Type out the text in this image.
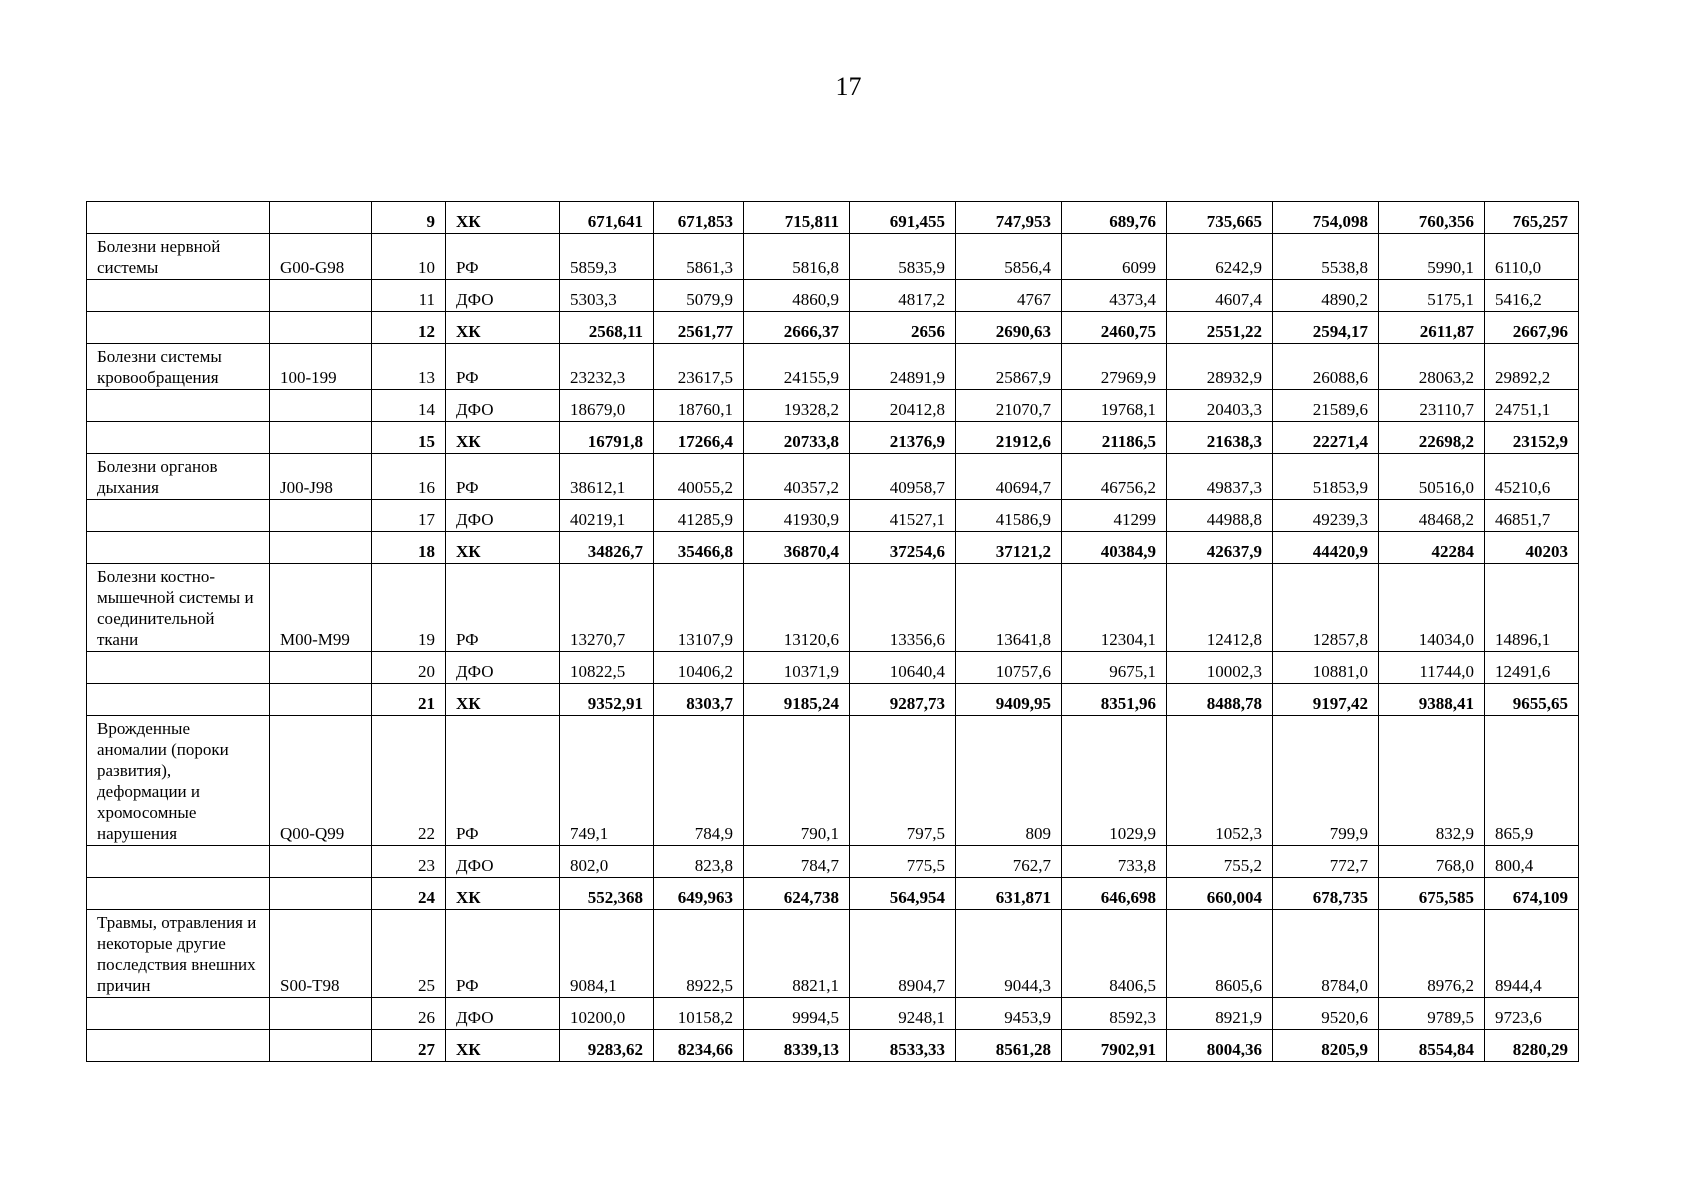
17
		9	ХК	671,641	671,853	715,811	691,455	747,953	689,76	735,665	754,098	760,356	765,257
Болезни нервной системы	G00-G98	10	РФ	5859,3	5861,3	5816,8	5835,9	5856,4	6099	6242,9	5538,8	5990,1	6110,0
		11	ДФО	5303,3	5079,9	4860,9	4817,2	4767	4373,4	4607,4	4890,2	5175,1	5416,2
		12	ХК	2568,11	2561,77	2666,37	2656	2690,63	2460,75	2551,22	2594,17	2611,87	2667,96
Болезни системы кровообращения	100-199	13	РФ	23232,3	23617,5	24155,9	24891,9	25867,9	27969,9	28932,9	26088,6	28063,2	29892,2
		14	ДФО	18679,0	18760,1	19328,2	20412,8	21070,7	19768,1	20403,3	21589,6	23110,7	24751,1
		15	ХК	16791,8	17266,4	20733,8	21376,9	21912,6	21186,5	21638,3	22271,4	22698,2	23152,9
Болезни органов дыхания	J00-J98	16	РФ	38612,1	40055,2	40357,2	40958,7	40694,7	46756,2	49837,3	51853,9	50516,0	45210,6
		17	ДФО	40219,1	41285,9	41930,9	41527,1	41586,9	41299	44988,8	49239,3	48468,2	46851,7
		18	ХК	34826,7	35466,8	36870,4	37254,6	37121,2	40384,9	42637,9	44420,9	42284	40203
Болезни костно-мышечной системы и соединительной ткани	M00-M99	19	РФ	13270,7	13107,9	13120,6	13356,6	13641,8	12304,1	12412,8	12857,8	14034,0	14896,1
		20	ДФО	10822,5	10406,2	10371,9	10640,4	10757,6	9675,1	10002,3	10881,0	11744,0	12491,6
		21	ХК	9352,91	8303,7	9185,24	9287,73	9409,95	8351,96	8488,78	9197,42	9388,41	9655,65
Врожденные аномалии (пороки развития), деформации и хромосомные нарушения	Q00-Q99	22	РФ	749,1	784,9	790,1	797,5	809	1029,9	1052,3	799,9	832,9	865,9
		23	ДФО	802,0	823,8	784,7	775,5	762,7	733,8	755,2	772,7	768,0	800,4
		24	ХК	552,368	649,963	624,738	564,954	631,871	646,698	660,004	678,735	675,585	674,109
Травмы, отравления и некоторые другие последствия внешних причин	S00-T98	25	РФ	9084,1	8922,5	8821,1	8904,7	9044,3	8406,5	8605,6	8784,0	8976,2	8944,4
		26	ДФО	10200,0	10158,2	9994,5	9248,1	9453,9	8592,3	8921,9	9520,6	9789,5	9723,6
		27	ХК	9283,62	8234,66	8339,13	8533,33	8561,28	7902,91	8004,36	8205,9	8554,84	8280,29
